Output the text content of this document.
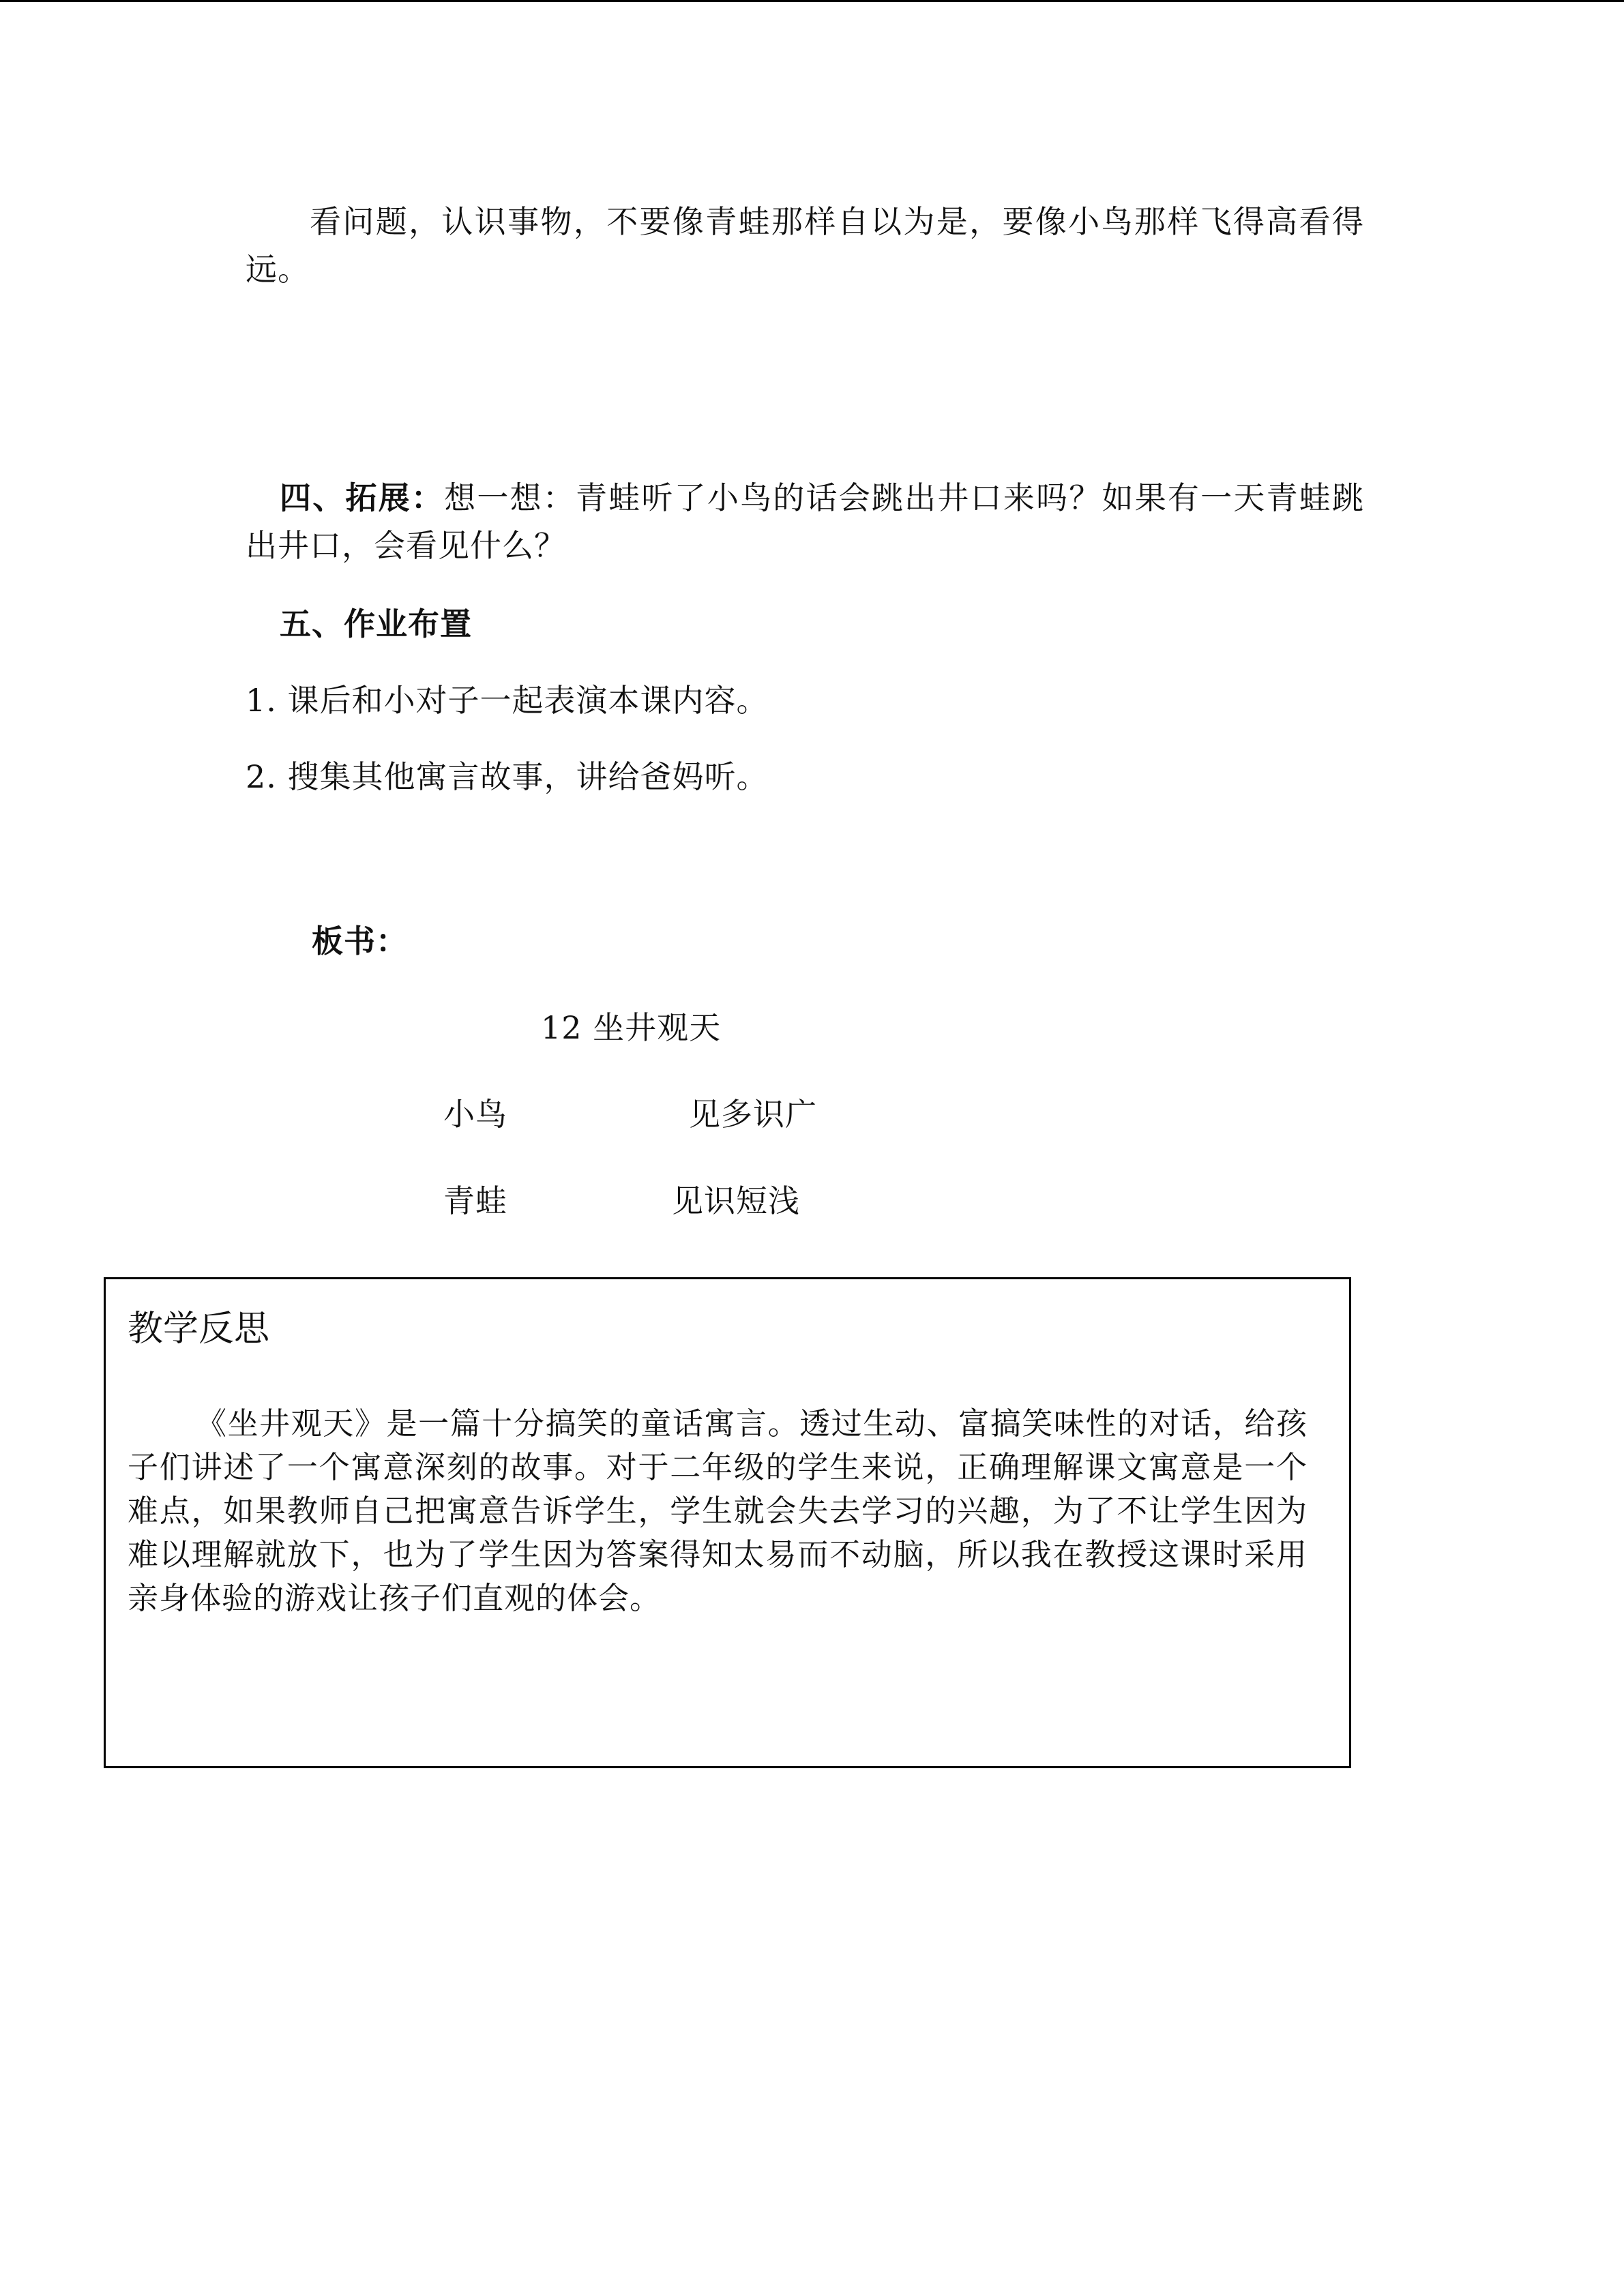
看问题，认识事物，不要像青蛙那样自以为是，要像小鸟那样飞得高看得远。

四、拓展：想一想：青蛙听了小鸟的话会跳出井口来吗？如果有一天青蛙跳出井口，会看见什么？

五、作业布置

1. 课后和小对子一起表演本课内容。

2. 搜集其他寓言故事，讲给爸妈听。

板书：

12 坐井观天

小鸟	见多识广

青蛙	见识短浅

教学反思

《坐井观天》是一篇十分搞笑的童话寓言。透过生动、富搞笑味性的对话，给孩子们讲述了一个寓意深刻的故事。对于二年级的学生来说，正确理解课文寓意是一个难点，如果教师自己把寓意告诉学生，学生就会失去学习的兴趣，为了不让学生因为难以理解就放下，也为了学生因为答案得知太易而不动脑，所以我在教授这课时采用亲身体验的游戏让孩子们直观的体会。
